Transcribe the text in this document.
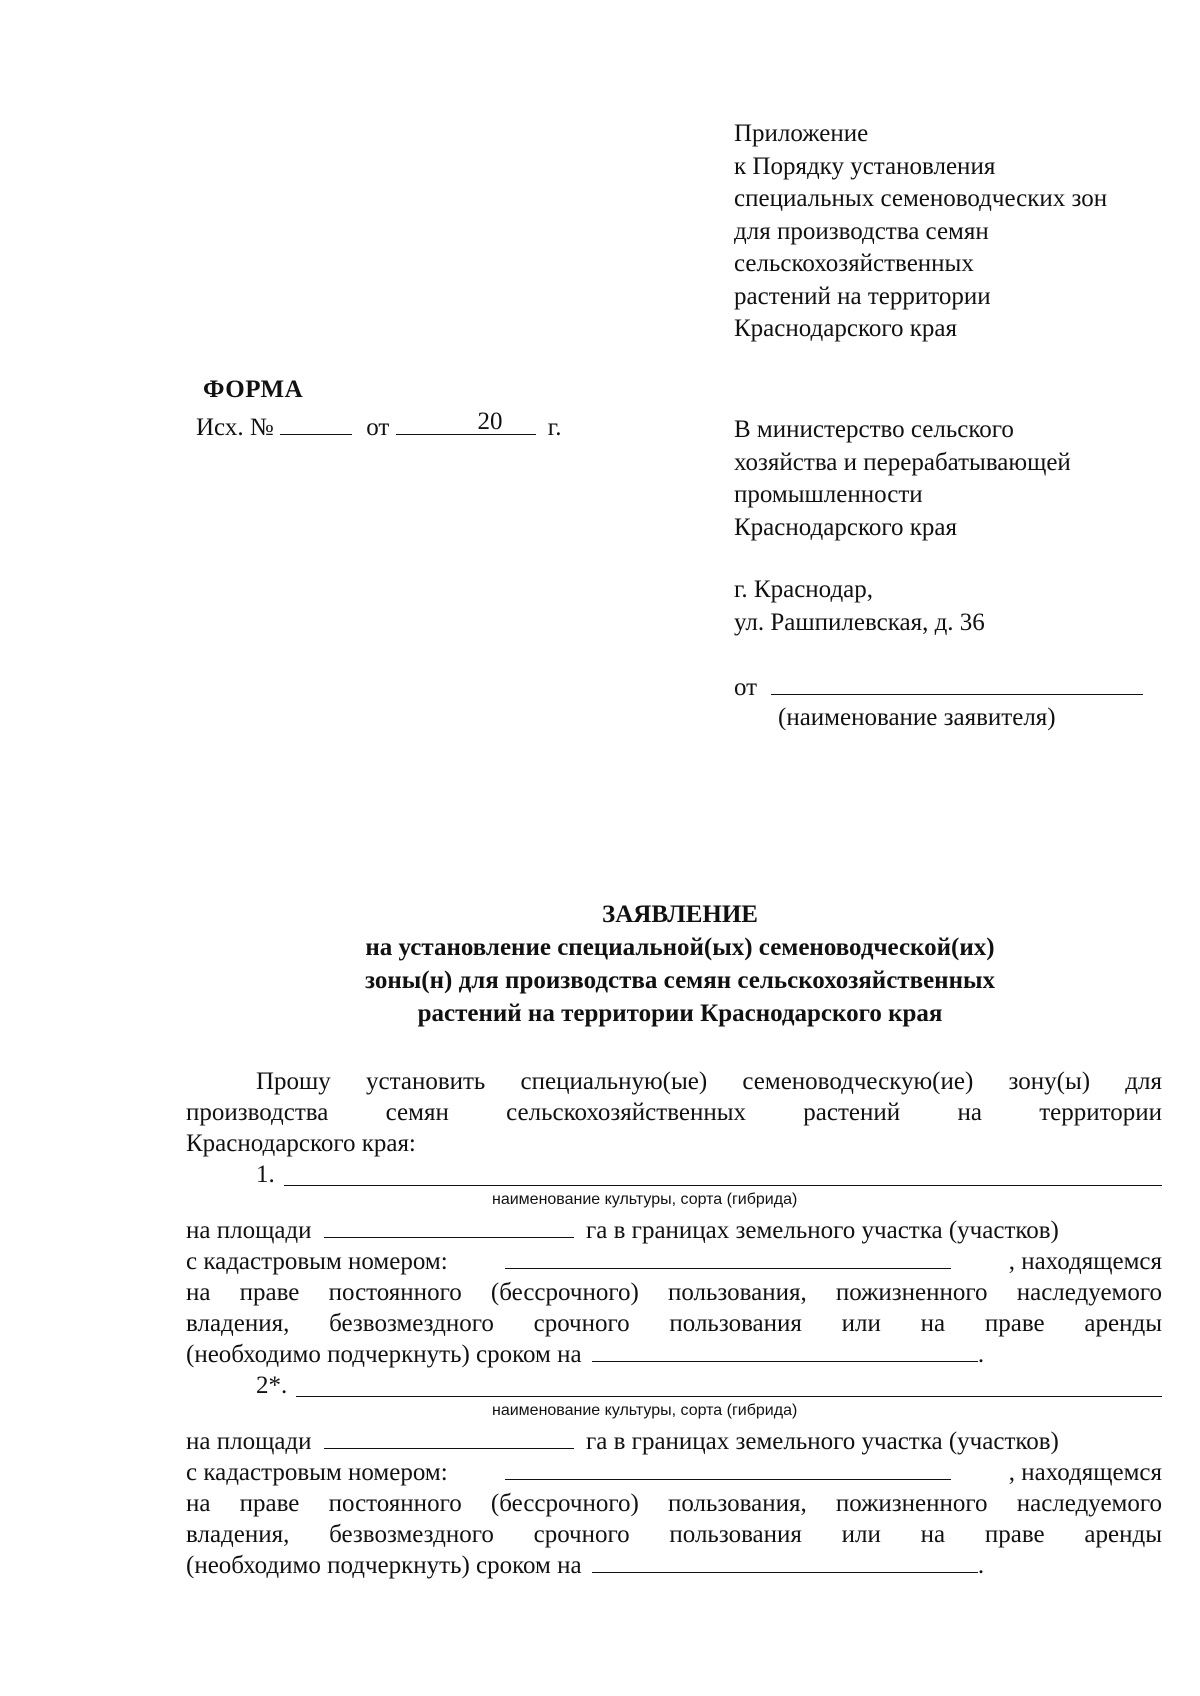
Приложение
к Порядку установления
специальных семеноводческих зон
для производства семян
сельскохозяйственных
растений на территории
Краснодарского края
ФОРМА
Исх. №	от	20 г.	В министерство сельского
хозяйства и перерабатывающей
промышленности
Краснодарского края
г. Краснодар,
ул. Рашпилевская, д. 36
от
(наименование заявителя)
ЗАЯВЛЕНИЕ
на установление специальной(ых) семеноводческой(их)
зоны(н) для производства семян сельскохозяйственных
растений на территории Краснодарского края
Прошу установить специальную(ые) семеноводческую(ие) зону(ы) для
производства семян сельскохозяйственных растений на территории
Краснодарского края:
1.
наименование культуры, сорта (гибрида)
на площади	га в границах земельного участка (участков)
с кадастровым номером:	, находящемся
на праве постоянного (бессрочного) пользования, пожизненного наследуемого
владения, безвозмездного срочного пользования или на праве аренды
(необходимо подчеркнуть) сроком на	.
2*.
наименование культуры, сорта (гибрида)
на площади	га в границах земельного участка (участков)
с кадастровым номером:	, находящемся
на праве постоянного (бессрочного) пользования, пожизненного наследуемого
владения, безвозмездного срочного пользования или на праве аренды
(необходимо подчеркнуть) сроком на	.
